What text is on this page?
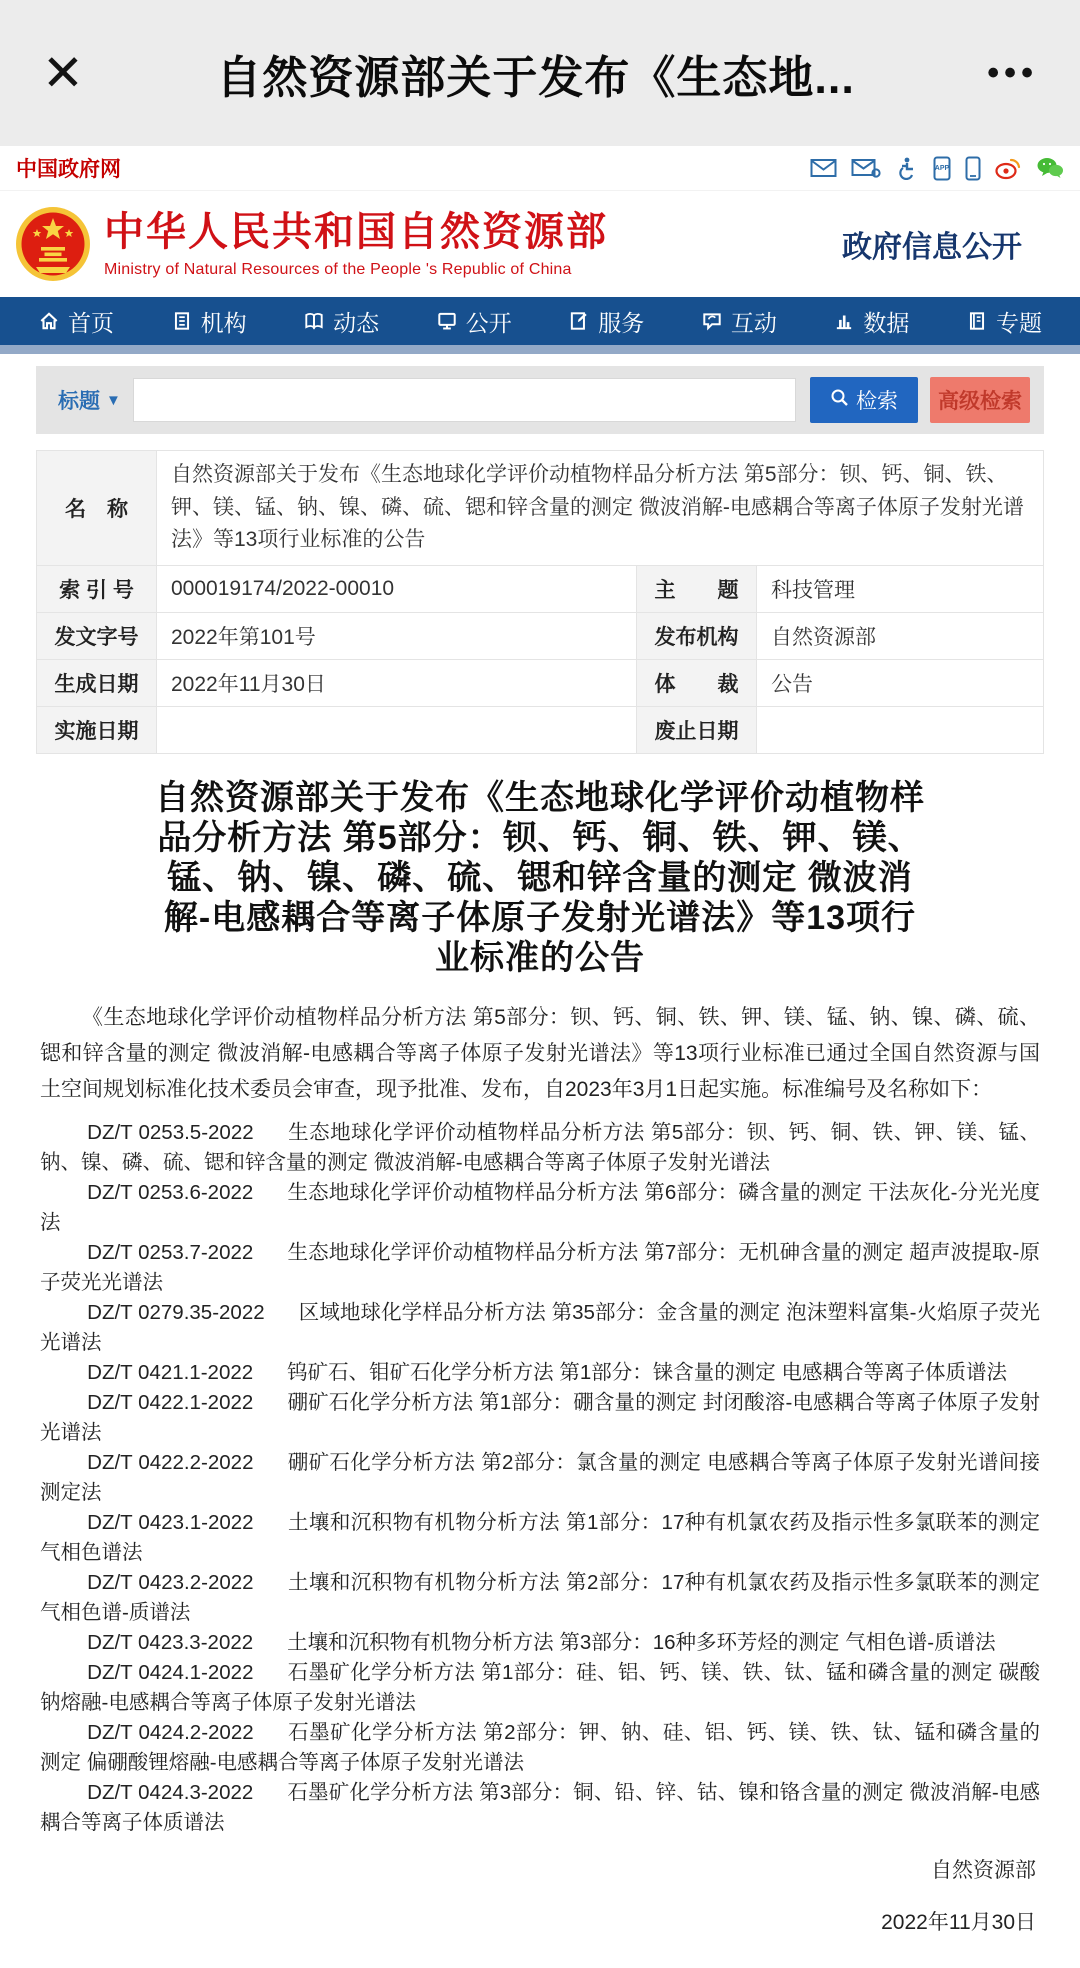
✕	自然资源部关于发布《生态地...	•••
中国政府网	APP
中华人民共和国自然资源部
Ministry of Natural Resources of the People 's Republic of China
政府信息公开
首页	机构	动态	公开	服务	互动	数据	专题
标题 ▼	检索	高级检索
名　称	自然资源部关于发布《生态地球化学评价动植物样品分析方法 第5部分：钡、钙、铜、铁、钾、镁、锰、钠、镍、磷、硫、锶和锌含量的测定 微波消解-电感耦合等离子体原子发射光谱法》等13项行业标准的公告		
索 引 号	000019174/2022-00010	主　　题	科技管理
发文字号	2022年第101号	发布机构	自然资源部
生成日期	2022年11月30日	体　　裁	公告
实施日期		废止日期	
自然资源部关于发布《生态地球化学评价动植物样品分析方法 第5部分：钡、钙、铜、铁、钾、镁、锰、钠、镍、磷、硫、锶和锌含量的测定 微波消解-电感耦合等离子体原子发射光谱法》等13项行业标准的公告

《生态地球化学评价动植物样品分析方法 第5部分：钡、钙、铜、铁、钾、镁、锰、钠、镍、磷、硫、锶和锌含量的测定 微波消解-电感耦合等离子体原子发射光谱法》等13项行业标准已通过全国自然资源与国土空间规划标准化技术委员会审查，现予批准、发布，自2023年3月1日起实施。标准编号及名称如下：

DZ/T 0253.5-2022 生态地球化学评价动植物样品分析方法 第5部分：钡、钙、铜、铁、钾、镁、锰、钠、镍、磷、硫、锶和锌含量的测定 微波消解-电感耦合等离子体原子发射光谱法

DZ/T 0253.6-2022 生态地球化学评价动植物样品分析方法 第6部分：磷含量的测定 干法灰化-分光光度法

DZ/T 0253.7-2022 生态地球化学评价动植物样品分析方法 第7部分：无机砷含量的测定 超声波提取-原子荧光光谱法

DZ/T 0279.35-2022 区域地球化学样品分析方法 第35部分：金含量的测定 泡沫塑料富集-火焰原子荧光光谱法

DZ/T 0421.1-2022 钨矿石、钼矿石化学分析方法 第1部分：铼含量的测定 电感耦合等离子体质谱法

DZ/T 0422.1-2022 硼矿石化学分析方法 第1部分：硼含量的测定 封闭酸溶-电感耦合等离子体原子发射光谱法

DZ/T 0422.2-2022 硼矿石化学分析方法 第2部分：氯含量的测定 电感耦合等离子体原子发射光谱间接测定法

DZ/T 0423.1-2022 土壤和沉积物有机物分析方法 第1部分：17种有机氯农药及指示性多氯联苯的测定 气相色谱法

DZ/T 0423.2-2022 土壤和沉积物有机物分析方法 第2部分：17种有机氯农药及指示性多氯联苯的测定 气相色谱-质谱法

DZ/T 0423.3-2022 土壤和沉积物有机物分析方法 第3部分：16种多环芳烃的测定 气相色谱-质谱法

DZ/T 0424.1-2022 石墨矿化学分析方法 第1部分：硅、铝、钙、镁、铁、钛、锰和磷含量的测定 碳酸钠熔融-电感耦合等离子体原子发射光谱法

DZ/T 0424.2-2022 石墨矿化学分析方法 第2部分：钾、钠、硅、铝、钙、镁、铁、钛、锰和磷含量的测定 偏硼酸锂熔融-电感耦合等离子体原子发射光谱法

DZ/T 0424.3-2022 石墨矿化学分析方法 第3部分：铜、铅、锌、钴、镍和铬含量的测定 微波消解-电感耦合等离子体质谱法

自然资源部
2022年11月30日
